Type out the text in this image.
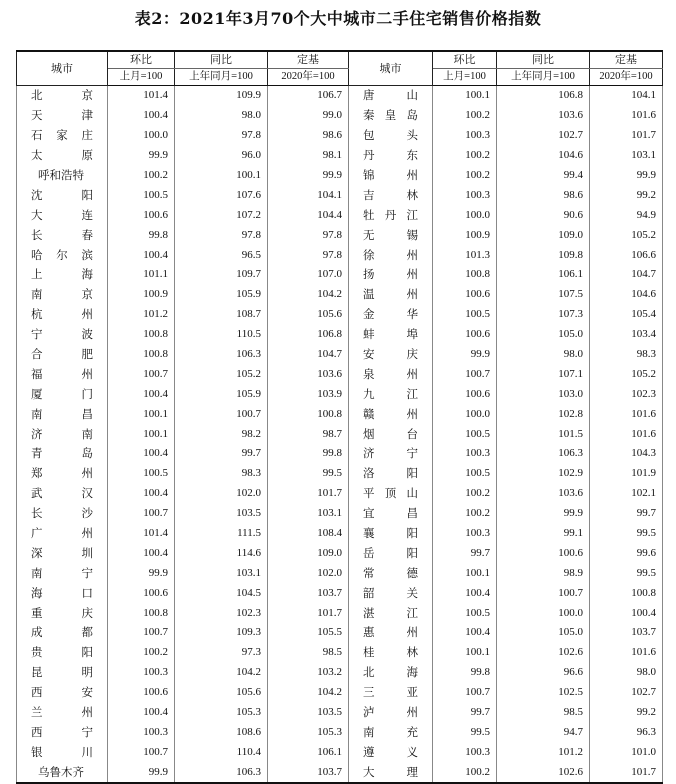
表2：2021年3月70个大中城市二手住宅销售价格指数
城市	环比	同比	定基	城市	环比	同比	定基
	上月=100	上年同月=100	2020年=100		上月=100	上年同月=100	2020年=100
北　京	101.4	109.9	106.7	唐　山	100.1	106.8	104.1
天　津	100.4	98.0	99.0	秦皇岛	100.2	103.6	101.6
石家庄	100.0	97.8	98.6	包　头	100.3	102.7	101.7
太　原	99.9	96.0	98.1	丹　东	100.2	104.6	103.1
呼和浩特	100.2	100.1	99.9	锦　州	100.2	99.4	99.9
沈　阳	100.5	107.6	104.1	吉　林	100.3	98.6	99.2
大　连	100.6	107.2	104.4	牡丹江	100.0	90.6	94.9
长　春	99.8	97.8	97.8	无　锡	100.9	109.0	105.2
哈尔滨	100.4	96.5	97.8	徐　州	101.3	109.8	106.6
上　海	101.1	109.7	107.0	扬　州	100.8	106.1	104.7
南　京	100.9	105.9	104.2	温　州	100.6	107.5	104.6
杭　州	101.2	108.7	105.6	金　华	100.5	107.3	105.4
宁　波	100.8	110.5	106.8	蚌　埠	100.6	105.0	103.4
合　肥	100.8	106.3	104.7	安　庆	99.9	98.0	98.3
福　州	100.7	105.2	103.6	泉　州	100.7	107.1	105.2
厦　门	100.4	105.9	103.9	九　江	100.6	103.0	102.3
南　昌	100.1	100.7	100.8	赣　州	100.0	102.8	101.6
济　南	100.1	98.2	98.7	烟　台	100.5	101.5	101.6
青　岛	100.4	99.7	99.8	济　宁	100.3	106.3	104.3
郑　州	100.5	98.3	99.5	洛　阳	100.5	102.9	101.9
武　汉	100.4	102.0	101.7	平顶山	100.2	103.6	102.1
长　沙	100.7	103.5	103.1	宜　昌	100.2	99.9	99.7
广　州	101.4	111.5	108.4	襄　阳	100.3	99.1	99.5
深　圳	100.4	114.6	109.0	岳　阳	99.7	100.6	99.6
南　宁	99.9	103.1	102.0	常　德	100.1	98.9	99.5
海　口	100.6	104.5	103.7	韶　关	100.4	100.7	100.8
重　庆	100.8	102.3	101.7	湛　江	100.5	100.0	100.4
成　都	100.7	109.3	105.5	惠　州	100.4	105.0	103.7
贵　阳	100.2	97.3	98.5	桂　林	100.1	102.6	101.6
昆　明	100.3	104.2	103.2	北　海	99.8	96.6	98.0
西　安	100.6	105.6	104.2	三　亚	100.7	102.5	102.7
兰　州	100.4	105.3	103.5	泸　州	99.7	98.5	99.2
西　宁	100.3	108.6	105.3	南　充	99.5	94.7	96.3
银　川	100.7	110.4	106.1	遵　义	100.3	101.2	101.0
乌鲁木齐	99.9	106.3	103.7	大　理	100.2	102.6	101.7
